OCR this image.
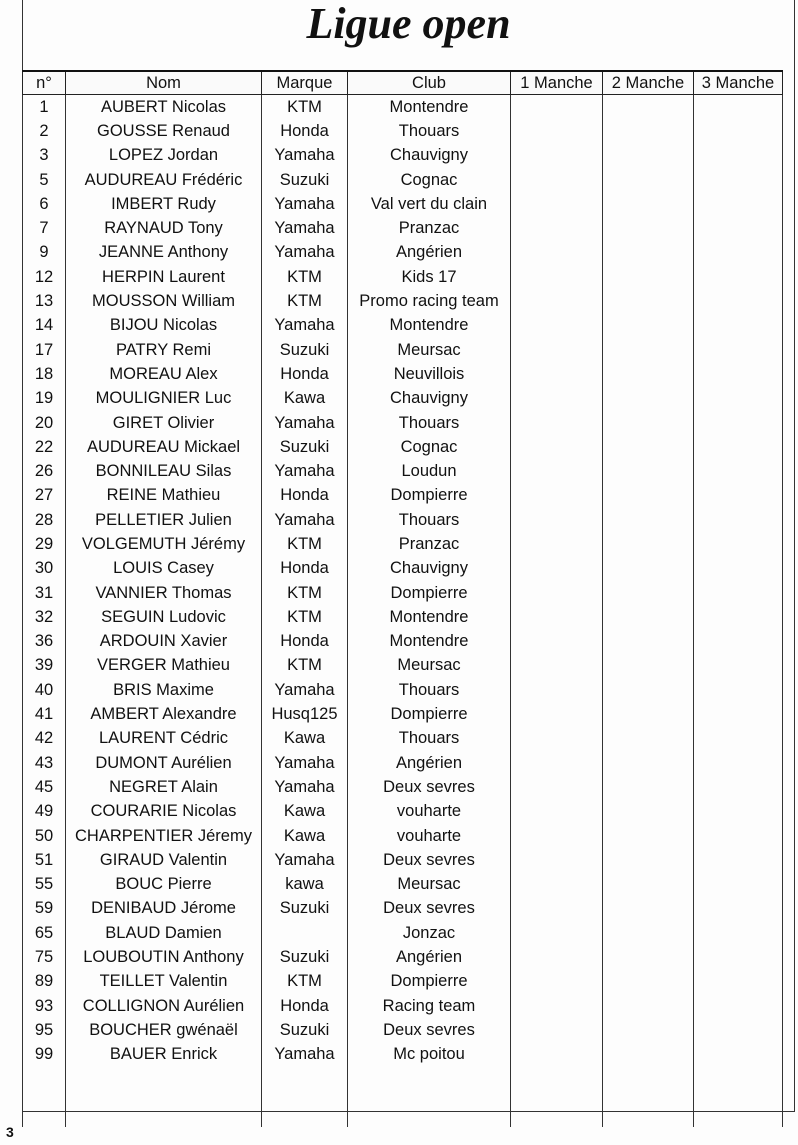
Ligue open
n°	Nom	Marque	Club	1 Manche	2 Manche	3 Manche
1	AUBERT Nicolas	KTM	Montendre			
2	GOUSSE Renaud	Honda	Thouars			
3	LOPEZ Jordan	Yamaha	Chauvigny			
5	AUDUREAU Frédéric	Suzuki	Cognac			
6	IMBERT Rudy	Yamaha	Val vert du clain			
7	RAYNAUD Tony	Yamaha	Pranzac			
9	JEANNE Anthony	Yamaha	Angérien			
12	HERPIN Laurent	KTM	Kids 17			
13	MOUSSON William	KTM	Promo racing team			
14	BIJOU Nicolas	Yamaha	Montendre			
17	PATRY Remi	Suzuki	Meursac			
18	MOREAU Alex	Honda	Neuvillois			
19	MOULIGNIER Luc	Kawa	Chauvigny			
20	GIRET Olivier	Yamaha	Thouars			
22	AUDUREAU Mickael	Suzuki	Cognac			
26	BONNILEAU Silas	Yamaha	Loudun			
27	REINE Mathieu	Honda	Dompierre			
28	PELLETIER Julien	Yamaha	Thouars			
29	VOLGEMUTH Jérémy	KTM	Pranzac			
30	LOUIS Casey	Honda	Chauvigny			
31	VANNIER Thomas	KTM	Dompierre			
32	SEGUIN Ludovic	KTM	Montendre			
36	ARDOUIN Xavier	Honda	Montendre			
39	VERGER Mathieu	KTM	Meursac			
40	BRIS Maxime	Yamaha	Thouars			
41	AMBERT Alexandre	Husq125	Dompierre			
42	LAURENT Cédric	Kawa	Thouars			
43	DUMONT Aurélien	Yamaha	Angérien			
45	NEGRET Alain	Yamaha	Deux sevres			
49	COURARIE Nicolas	Kawa	vouharte			
50	CHARPENTIER Jéremy	Kawa	vouharte			
51	GIRAUD Valentin	Yamaha	Deux sevres			
55	BOUC Pierre	kawa	Meursac			
59	DENIBAUD Jérome	Suzuki	Deux sevres			
65	BLAUD Damien		Jonzac			
75	LOUBOUTIN Anthony	Suzuki	Angérien			
89	TEILLET Valentin	KTM	Dompierre			
93	COLLIGNON Aurélien	Honda	Racing team			
95	BOUCHER gwénaël	Suzuki	Deux sevres			
99	BAUER Enrick	Yamaha	Mc poitou			

3
